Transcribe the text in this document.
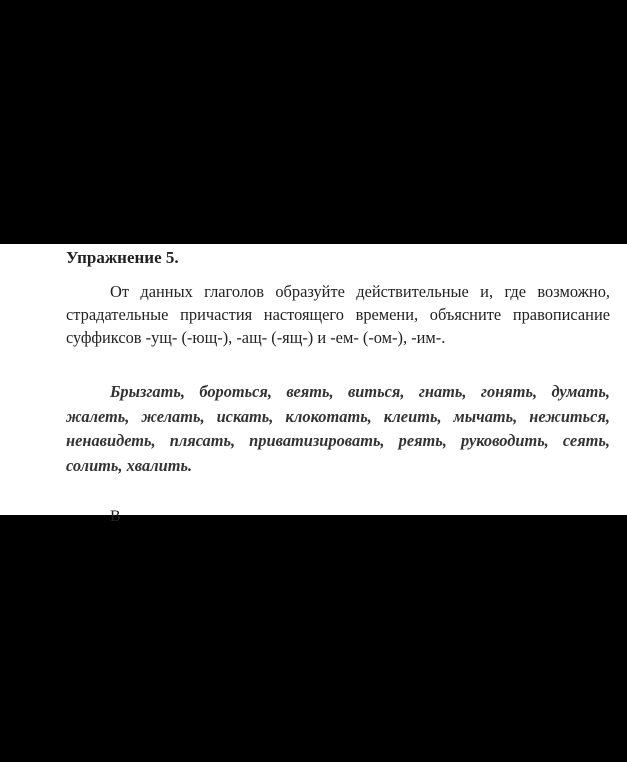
Упражнение 5.

От данных глаголов образуйте действительные и, где возможно, страдательные причастия настоящего времени, объясните правописание суффиксов -ущ- (-ющ-), -ащ- (-ящ-) и -ем- (-ом-), -им-.

Брызгать, бороться, веять, виться, гнать, гонять, думать, жалеть, желать, искать, клокотать, клеить, мычать, нежиться, ненавидеть, плясать, приватизировать, реять, руководить, сеять, солить, хвалить.

В
